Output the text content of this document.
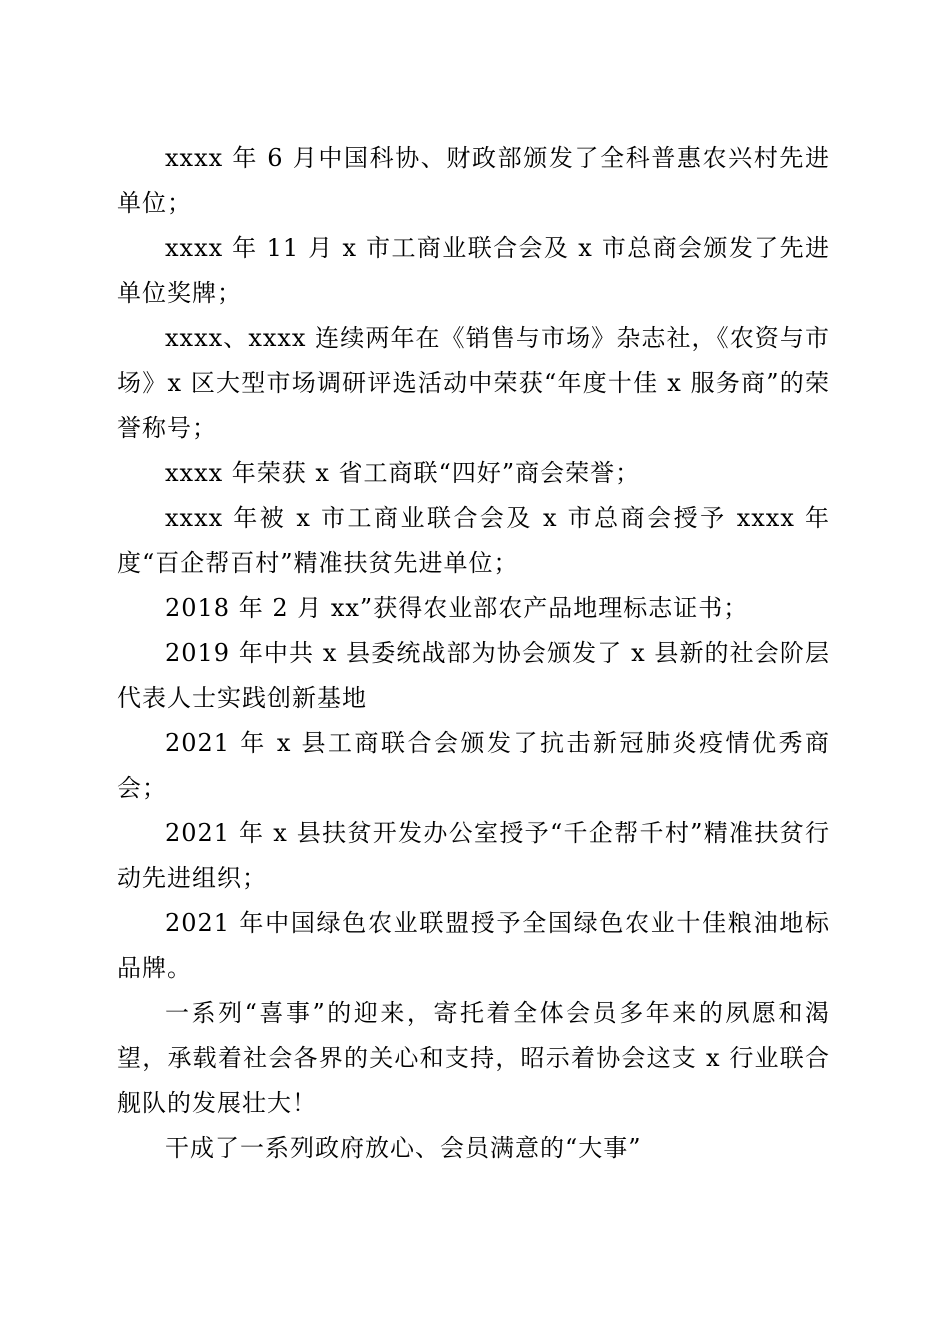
xxxx 年 6 月中国科协、财政部颁发了全科普惠农兴村先进单位；

xxxx 年 11 月 x 市工商业联合会及 x 市总商会颁发了先进单位奖牌；

xxxx、xxxx 连续两年在《销售与市场》杂志社，《农资与市场》x 区大型市场调研评选活动中荣获“年度十佳 x 服务商”的荣誉称号；

xxxx 年荣获 x 省工商联“四好”商会荣誉；

xxxx 年被 x 市工商业联合会及 x 市总商会授予 xxxx 年度“百企帮百村”精准扶贫先进单位；

2018 年 2 月 xx”获得农业部农产品地理标志证书；

2019 年中共 x 县委统战部为协会颁发了 x 县新的社会阶层代表人士实践创新基地

2021 年 x 县工商联合会颁发了抗击新冠肺炎疫情优秀商会；

2021 年 x 县扶贫开发办公室授予“千企帮千村”精准扶贫行动先进组织；

2021 年中国绿色农业联盟授予全国绿色农业十佳粮油地标品牌。

一系列“喜事”的迎来，寄托着全体会员多年来的夙愿和渴望，承载着社会各界的关心和支持，昭示着协会这支 x 行业联合舰队的发展壮大！

干成了一系列政府放心、会员满意的“大事”
